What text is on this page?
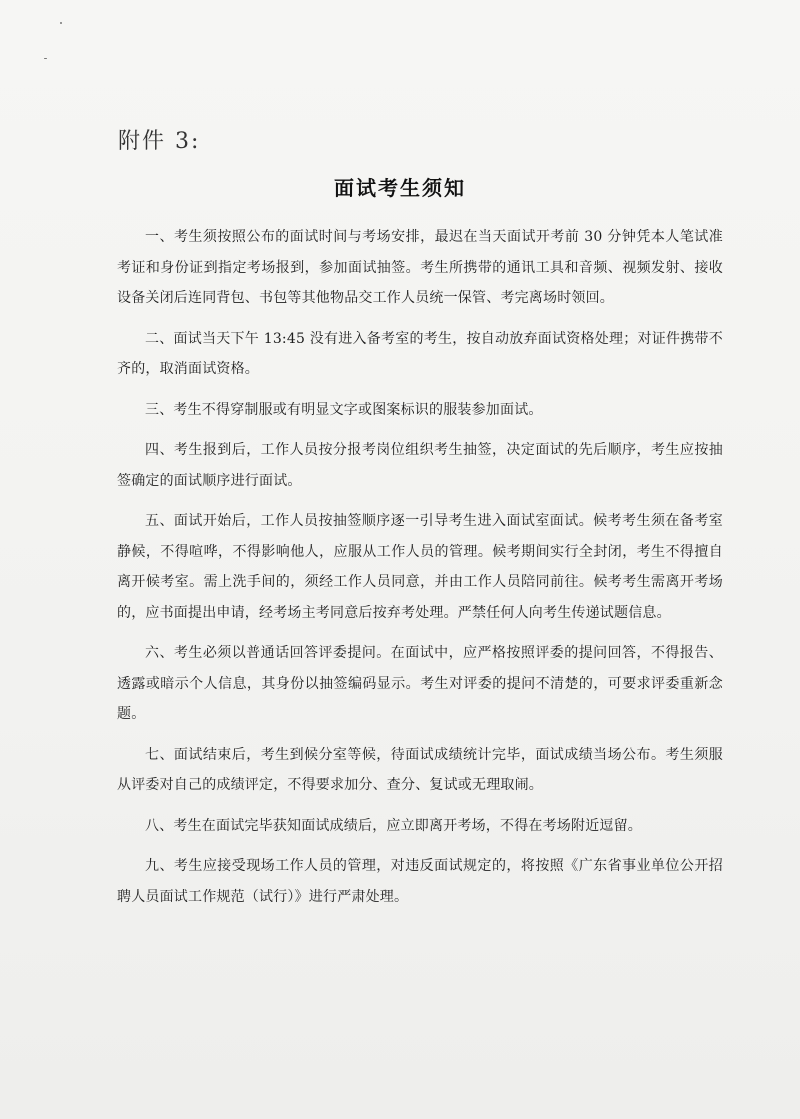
附件 3:
面试考生须知

一、考生须按照公布的面试时间与考场安排，最迟在当天面试开考前 30 分钟凭本人笔试准考证和身份证到指定考场报到，参加面试抽签。考生所携带的通讯工具和音频、视频发射、接收设备关闭后连同背包、书包等其他物品交工作人员统一保管、考完离场时领回。

二、面试当天下午 13:45 没有进入备考室的考生，按自动放弃面试资格处理；对证件携带不齐的，取消面试资格。

三、考生不得穿制服或有明显文字或图案标识的服装参加面试。

四、考生报到后，工作人员按分报考岗位组织考生抽签，决定面试的先后顺序，考生应按抽签确定的面试顺序进行面试。

五、面试开始后，工作人员按抽签顺序逐一引导考生进入面试室面试。候考考生须在备考室静候，不得喧哗，不得影响他人，应服从工作人员的管理。候考期间实行全封闭，考生不得擅自离开候考室。需上洗手间的，须经工作人员同意，并由工作人员陪同前往。候考考生需离开考场的，应书面提出申请，经考场主考同意后按弃考处理。严禁任何人向考生传递试题信息。

六、考生必须以普通话回答评委提问。在面试中，应严格按照评委的提问回答，不得报告、透露或暗示个人信息，其身份以抽签编码显示。考生对评委的提问不清楚的，可要求评委重新念题。

七、面试结束后，考生到候分室等候，待面试成绩统计完毕，面试成绩当场公布。考生须服从评委对自己的成绩评定，不得要求加分、查分、复试或无理取闹。

八、考生在面试完毕获知面试成绩后，应立即离开考场，不得在考场附近逗留。

九、考生应接受现场工作人员的管理，对违反面试规定的，将按照《广东省事业单位公开招聘人员面试工作规范（试行）》进行严肃处理。
